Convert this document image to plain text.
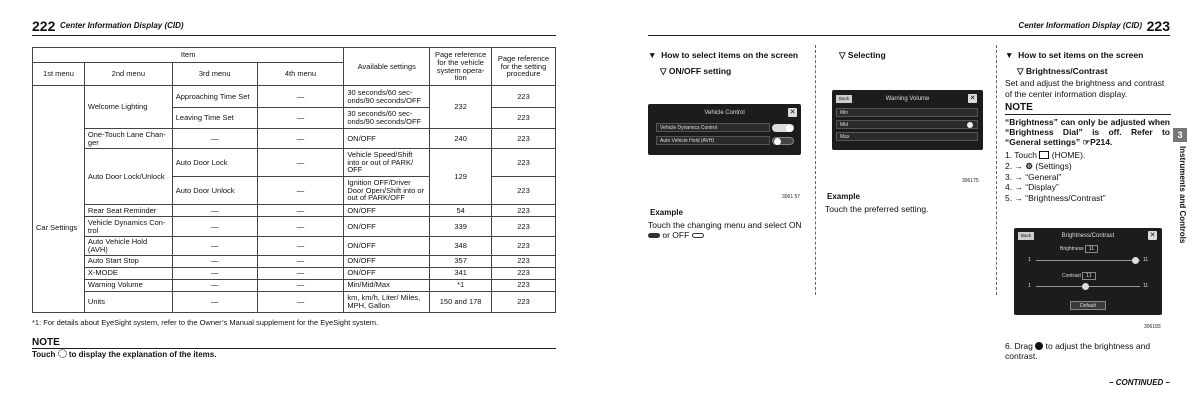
222 Center Information Display (CID)
Item				Available settings	Page reference for the vehicle system opera-tion	Page reference for the setting procedure
1st menu	2nd menu	3rd menu	4th menu			
Car Settings	Welcome Lighting	Approaching Time Set	—	30 seconds/60 sec-onds/90 seconds/OFF	232	223
		Leaving Time Set	—	30 seconds/60 sec-onds/90 seconds/OFF		223
	One-Touch Lane Chan-ger	—	—	ON/OFF	240	223
	Auto Door Lock/Unlock	Auto Door Lock	—	Vehicle Speed/Shift into or out of PARK/ OFF	129	223
		Auto Door Unlock	—	Ignition OFF/Driver Door Open/Shift into or out of PARK/OFF		223
	Rear Seat Reminder	—	—	ON/OFF	54	223
	Vehicle Dynamics Con-trol	—	—	ON/OFF	339	223
	Auto Vehicle Hold (AVH)	—	—	ON/OFF	348	223
	Auto Start Stop	—	—	ON/OFF	357	223
	X-MODE	—	—	ON/OFF	341	223
	Warning Volume	—	—	Min/Mid/Max	*1	223
	Units	—	—	km, km/h, Liter/ Miles, MPH, Gallon	150 and 178	223
*1: For details about EyeSight system, refer to the Owner’s Manual supplement for the EyeSight system.
NOTE
Touch to display the explanation of the items.
Center Information Display (CID) 223
▼  How to select items on the screen
▽ ON/OFF setting
Vehicle Control	✕
Vehicle Dynamics Control
Auto Vehicle Hold (AVH)
3061 57
Example
Touch the changing menu and select ON  or OFF
▽ Selecting
Back	Warning Volume	✕
Min
Mid
Max
306175
Example
Touch the preferred setting.
▼  How to set items on the screen
▽ Brightness/Contrast
Set and adjust the brightness and contrast of the center information display.
NOTE
“Brightness” can only be adjusted when “Brightness Dial” is off. Refer to “General settings” ☞P214.
1. Touch (HOME).
2. → ⚙ (Settings)
3. → “General”
4. → “Display”
5. → “Brightness/Contrast”
Back	Brightness/Contrast	✕
Brightness 11
1	11
Contrast 11
1	11
Default
306183
6. Drag to adjust the brightness and contrast.
3
Instruments and Controls
– CONTINUED –
